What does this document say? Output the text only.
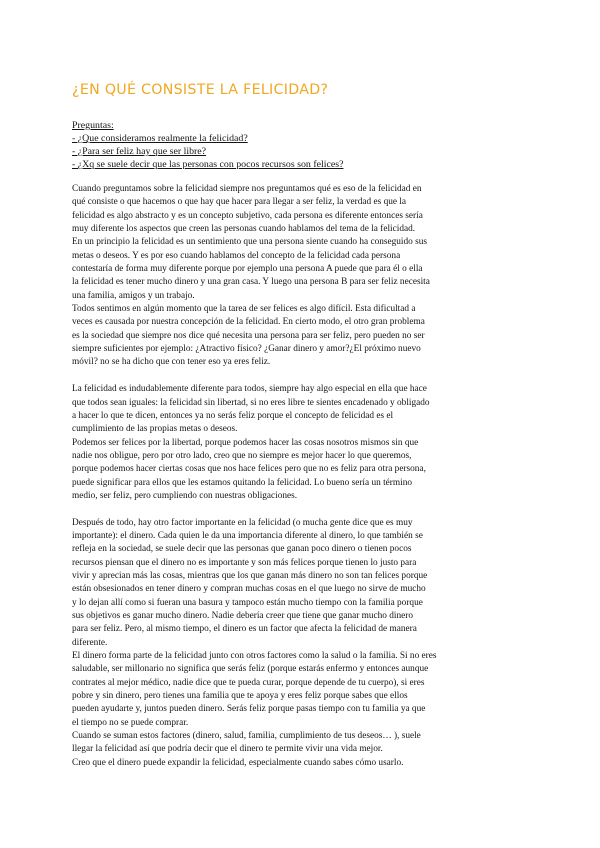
¿EN QUÉ CONSISTE LA FELICIDAD?
Preguntas:
- ¿Que consideramos realmente la felicidad?
- ¿Para ser feliz hay que ser libre?
- ¿Xq se suele decir que las personas con pocos recursos son felices?
Cuando preguntamos sobre la felicidad siempre nos preguntamos qué es eso de la felicidad en
qué consiste o que hacemos o que hay que hacer para llegar a ser feliz, la verdad es que la
felicidad es algo abstracto y es un concepto subjetivo, cada persona es diferente entonces sería
muy diferente los aspectos que creen las personas cuando hablamos del tema de la felicidad.
En un principio la felicidad es un sentimiento que una persona siente cuando ha conseguido sus
metas o deseos. Y es por eso cuando hablamos del concepto de la felicidad cada persona
contestaría de forma muy diferente porque por ejemplo una persona A puede que para él o ella
la felicidad es tener mucho dinero y una gran casa. Y luego una persona B para ser feliz necesita
una familia, amigos y un trabajo.
Todos sentimos en algún momento que la tarea de ser felices es algo difícil. Esta dificultad a
veces es causada por nuestra concepción de la felicidad. En cierto modo, el otro gran problema
es la sociedad que siempre nos dice qué necesita una persona para ser feliz, pero pueden no ser
siempre suficientes por ejemplo: ¿Atractivo físico? ¿Ganar dinero y amor?¿El próximo nuevo
móvil? no se ha dicho que con tener eso ya eres feliz.
La felicidad es indudablemente diferente para todos, siempre hay algo especial en ella que hace
que todos sean iguales: la felicidad sin libertad, si no eres libre te sientes encadenado y obligado
a hacer lo que te dicen, entonces ya no serás feliz porque el concepto de felicidad es el
cumplimiento de las propias metas o deseos.
Podemos ser felices por la libertad, porque podemos hacer las cosas nosotros mismos sin que
nadie nos obligue, pero por otro lado, creo que no siempre es mejor hacer lo que queremos,
porque podemos hacer ciertas cosas que nos hace felices pero que no es feliz para otra persona,
puede significar para ellos que les estamos quitando la felicidad. Lo bueno sería un término
medio, ser feliz, pero cumpliendo con nuestras obligaciones.
Después de todo, hay otro factor importante en la felicidad (o mucha gente dice que es muy
importante): el dinero. Cada quien le da una importancia diferente al dinero, lo que también se
refleja en la sociedad, se suele decir que las personas que ganan poco dinero o tienen pocos
recursos piensan que el dinero no es importante y son más felices porque tienen lo justo para
vivir y aprecian más las cosas, mientras que los que ganan más dinero no son tan felices porque
están obsesionados en tener dinero y compran muchas cosas en el que luego no sirve de mucho
y lo dejan allí como si fueran una basura y tampoco están mucho tiempo con la familia porque
sus objetivos es ganar mucho dinero. Nadie debería creer que tiene que ganar mucho dinero
para ser feliz. Pero, al mismo tiempo, el dinero es un factor que afecta la felicidad de manera
diferente.
El dinero forma parte de la felicidad junto con otros factores como la salud o la familia. Si no eres
saludable, ser millonario no significa que serás feliz (porque estarás enfermo y entonces aunque
contrates al mejor médico, nadie dice que te pueda curar, porque depende de tu cuerpo), si eres
pobre y sin dinero, pero tienes una familia que te apoya y eres feliz porque sabes que ellos
pueden ayudarte y, juntos pueden dinero. Serás feliz porque pasas tiempo con tu familia ya que
el tiempo no se puede comprar.
Cuando se suman estos factores (dinero, salud, familia, cumplimiento de tus deseos… ), suele
llegar la felicidad así que podría decir que el dinero te permite vivir una vida mejor.
Creo que el dinero puede expandir la felicidad, especialmente cuando sabes cómo usarlo.
